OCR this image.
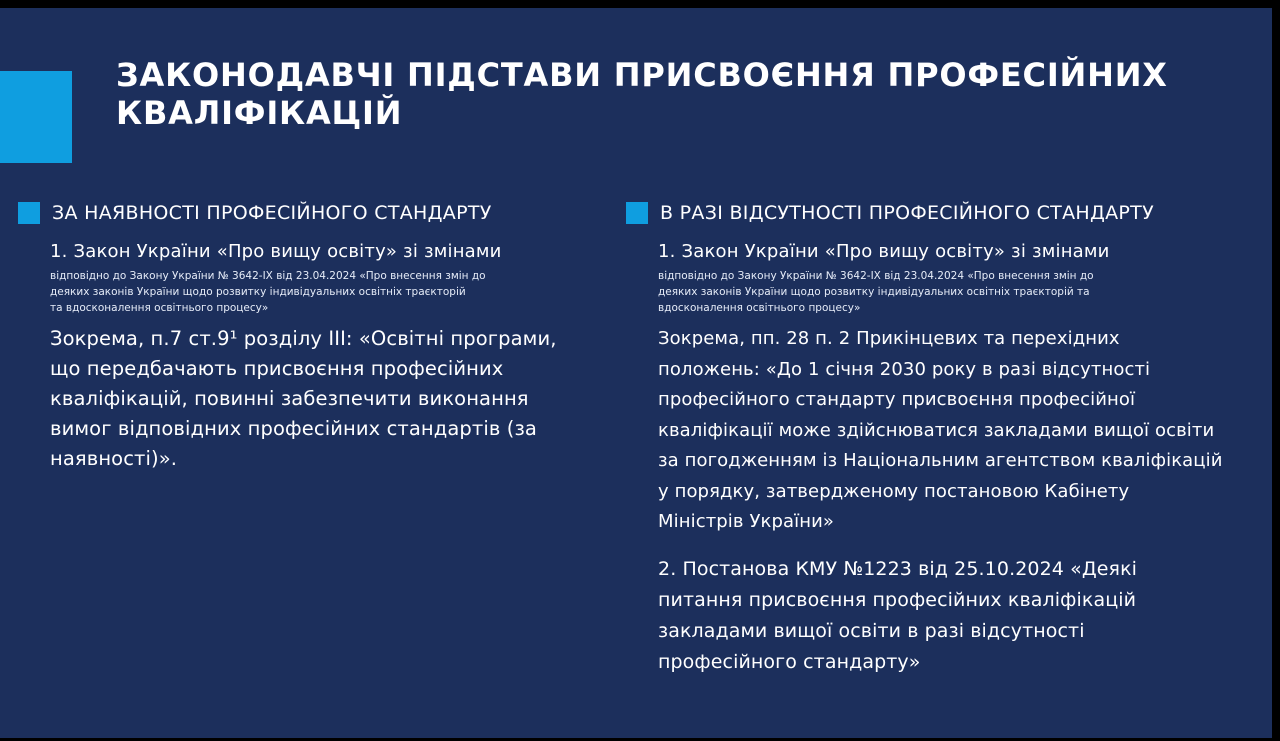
ЗАКОНОДАВЧІ ПІДСТАВИ ПРИСВОЄННЯ ПРОФЕСІЙНИХ КВАЛІФІКАЦІЙ
ЗА НАЯВНОСТІ ПРОФЕСІЙНОГО СТАНДАРТУ
1. Закон України «Про вищу освіту» зі змінами
відповідно до Закону України № 3642-ІХ від 23.04.2024 «Про внесення змін до
деяких законів України щодо розвитку індивідуальних освітніх траєкторій
та вдосконалення освітнього процесу»
Зокрема, п.7 ст.9¹ розділу ІІІ: «Освітні програми,
що передбачають присвоєння професійних
кваліфікацій, повинні забезпечити виконання
вимог відповідних професійних стандартів (за
наявності)».
В РАЗІ ВІДСУТНОСТІ ПРОФЕСІЙНОГО СТАНДАРТУ
1. Закон України «Про вищу освіту» зі змінами
відповідно до Закону України № 3642-ІХ від 23.04.2024 «Про внесення змін до
деяких законів України щодо розвитку індивідуальних освітніх траєкторій та
вдосконалення освітнього процесу»
Зокрема, пп. 28 п. 2 Прикінцевих та перехідних
положень: «До 1 січня 2030 року в разі відсутності
професійного стандарту присвоєння професійної
кваліфікації може здійснюватися закладами вищої освіти
за погодженням із Національним агентством кваліфікацій
у порядку, затвердженому постановою Кабінету
Міністрів України»
2. Постанова КМУ №1223 від 25.10.2024 «Деякі
питання присвоєння професійних кваліфікацій
закладами вищої освіти в разі відсутності
професійного стандарту»
